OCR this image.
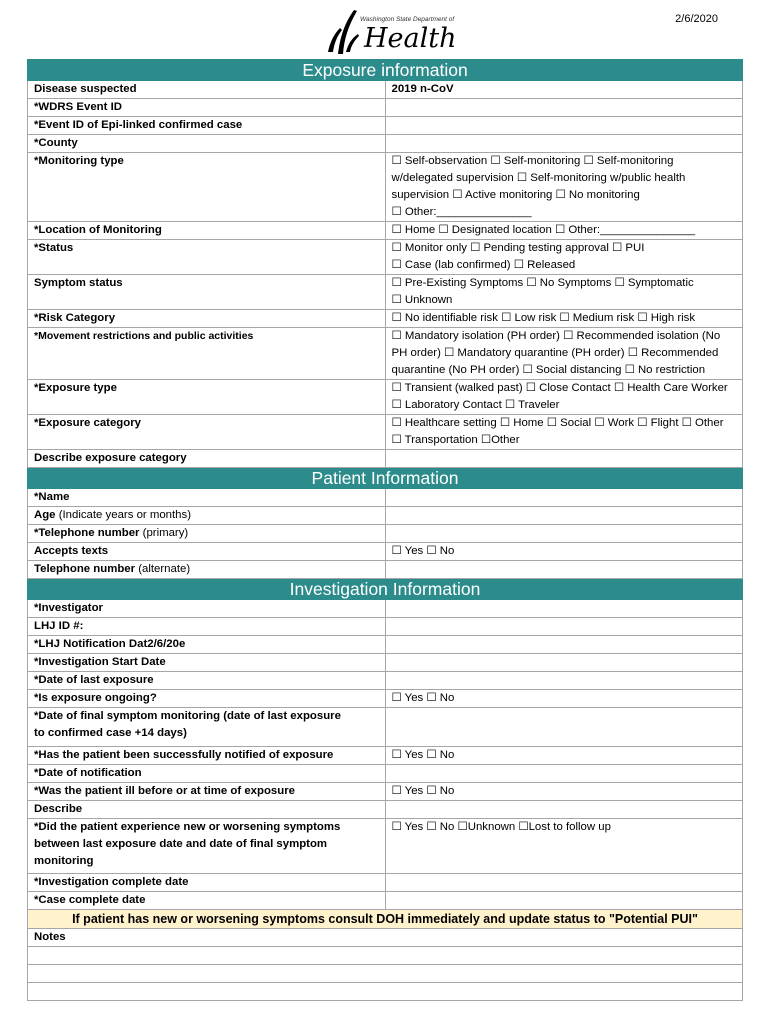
2/6/2020
Washington State Department of
Health
Exposure information	
Disease suspected	2019 n-CoV
*WDRS Event ID	
*Event ID of Epi-linked confirmed case	
*County	
*Monitoring type	☐ Self-observation ☐ Self-monitoring ☐ Self-monitoring
w/delegated supervision ☐ Self-monitoring w/public health
supervision ☐ Active monitoring ☐ No monitoring
☐ Other:_______________

*Location of Monitoring	☐ Home ☐ Designated location ☐ Other:_______________
*Status	☐ Monitor only ☐ Pending testing approval ☐ PUI
☐ Case (lab confirmed) ☐ Released

Symptom status	☐ Pre-Existing Symptoms ☐ No Symptoms ☐ Symptomatic
☐ Unknown

*Risk Category	☐ No identifiable risk ☐ Low risk ☐ Medium risk ☐ High risk
*Movement restrictions and public activities	☐ Mandatory isolation (PH order) ☐ Recommended isolation (No
PH order) ☐ Mandatory quarantine (PH order) ☐ Recommended
quarantine (No PH order) ☐ Social distancing ☐ No restriction

*Exposure type	☐ Transient (walked past) ☐ Close Contact ☐ Health Care Worker
☐ Laboratory Contact ☐ Traveler

*Exposure category	☐ Healthcare setting ☐ Home ☐ Social ☐ Work ☐ Flight ☐ Other
☐ Transportation ☐Other

Describe exposure category	
Patient Information	
*Name	
Age (Indicate years or months)	
*Telephone number (primary)	
Accepts texts	☐ Yes ☐ No
Telephone number (alternate)	
Investigation Information	
*Investigator	
LHJ ID #:	
*LHJ Notification Dat2/6/20e	
*Investigation Start Date	
*Date of last exposure	
*Is exposure ongoing?	☐ Yes ☐ No

*Date of final symptom monitoring (date of last exposure
to confirmed case +14 days)	

*Has the patient been successfully notified of exposure	☐ Yes ☐ No
*Date of notification	
*Was the patient ill before or at time of exposure	☐ Yes ☐ No
Describe	

*Did the patient experience new or worsening symptoms
between last exposure date and date of final symptom
monitoring	☐ Yes ☐ No ☐Unknown ☐Lost to follow up
*Investigation complete date	
*Case complete date	
If patient has new or worsening symptoms consult DOH immediately and update status to "Potential PUI"	
Notes	
